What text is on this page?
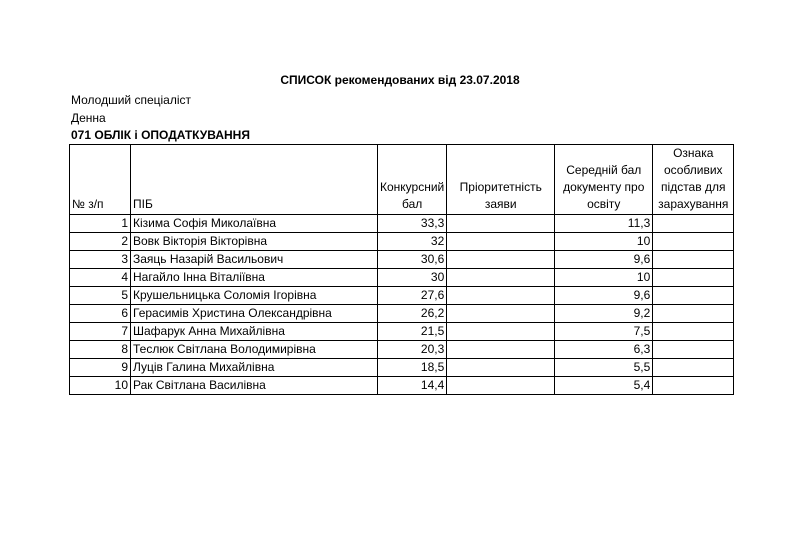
СПИСОК рекомендованих від 23.07.2018
Молодший спеціаліст
Денна
071 ОБЛІК і ОПОДАТКУВАННЯ
№ з/п	ПІБ	Конкурсний бал	Пріоритетність заяви	Середній бал документу про освіту	Ознака особливих підстав для зарахування
1	Кізима Софія Миколаївна	33,3		11,3	
2	Вовк Вікторія Вікторівна	32		10	
3	Заяць Назарій Васильович	30,6		9,6	
4	Нагайло Інна Віталіївна	30		10	
5	Крушельницька Соломія Ігорівна	27,6		9,6	
6	Герасимів Христина Олександрівна	26,2		9,2	
7	Шафарук Анна Михайлівна	21,5		7,5	
8	Теслюк Світлана Володимирівна	20,3		6,3	
9	Луців Галина Михайлівна	18,5		5,5	
10	Рак Світлана Василівна	14,4		5,4	
